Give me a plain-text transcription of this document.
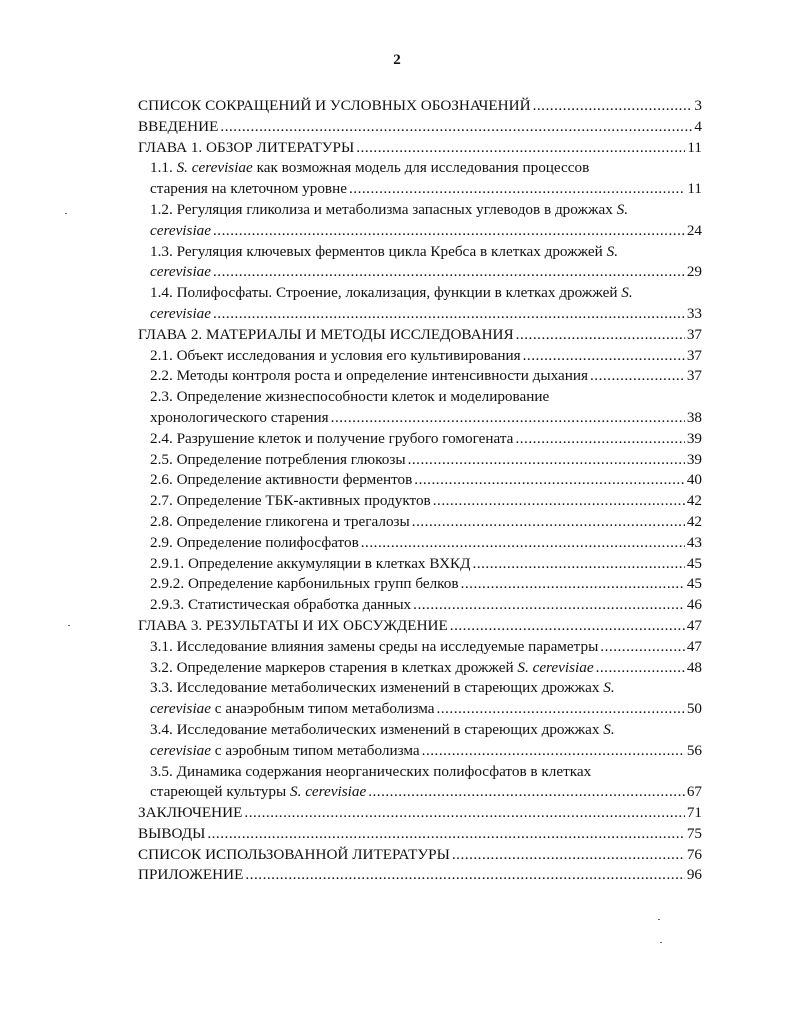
2
СПИСОК СОКРАЩЕНИЙ И УСЛОВНЫХ ОБОЗНАЧЕНИЙ .....	3
ВВЕДЕНИЕ .....	4
ГЛАВА 1. ОБЗОР ЛИТЕРАТУРЫ .....	11
1.1. S. cerevisiae как возможная модель для исследования процессов
старения на клеточном уровне .....	11
1.2. Регуляция гликолиза и метаболизма запасных углеводов в дрожжах S.
cerevisiae .....	24
1.3. Регуляция ключевых ферментов цикла Кребса в клетках дрожжей S.
cerevisiae .....	29
1.4. Полифосфаты. Строение, локализация, функции в клетках дрожжей S.
cerevisiae .....	33
ГЛАВА 2. МАТЕРИАЛЫ И МЕТОДЫ ИССЛЕДОВАНИЯ .....	37
2.1. Объект исследования и условия его культивирования .....	37
2.2. Методы контроля роста и определение интенсивности дыхания .....	37
2.3. Определение жизнеспособности клеток и моделирование
хронологического старения .....	38
2.4. Разрушение клеток и получение грубого гомогената .....	39
2.5. Определение потребления глюкозы .....	39
2.6. Определение активности ферментов .....	40
2.7. Определение ТБК-активных продуктов .....	42
2.8. Определение гликогена и трегалозы .....	42
2.9. Определение полифосфатов .....	43
2.9.1. Определение аккумуляции в клетках ВХКД .....	45
2.9.2. Определение карбонильных групп белков .....	45
2.9.3. Статистическая обработка данных .....	46
ГЛАВА 3. РЕЗУЛЬТАТЫ И ИХ ОБСУЖДЕНИЕ .....	47
3.1. Исследование влияния замены среды на исследуемые параметры .....	47
3.2. Определение маркеров старения в клетках дрожжей S. cerevisiae .....	48
3.3. Исследование метаболических изменений в стареющих дрожжах S.
cerevisiae с анаэробным типом метаболизма .....	50
3.4. Исследование метаболических изменений в стареющих дрожжах S.
cerevisiae с аэробным типом метаболизма .....	56
3.5. Динамика содержания неорганических полифосфатов в клетках
стареющей культуры S. cerevisiae .....	67
ЗАКЛЮЧЕНИЕ .....	71
ВЫВОДЫ .....	75
СПИСОК ИСПОЛЬЗОВАННОЙ ЛИТЕРАТУРЫ .....	76
ПРИЛОЖЕНИЕ .....	96
